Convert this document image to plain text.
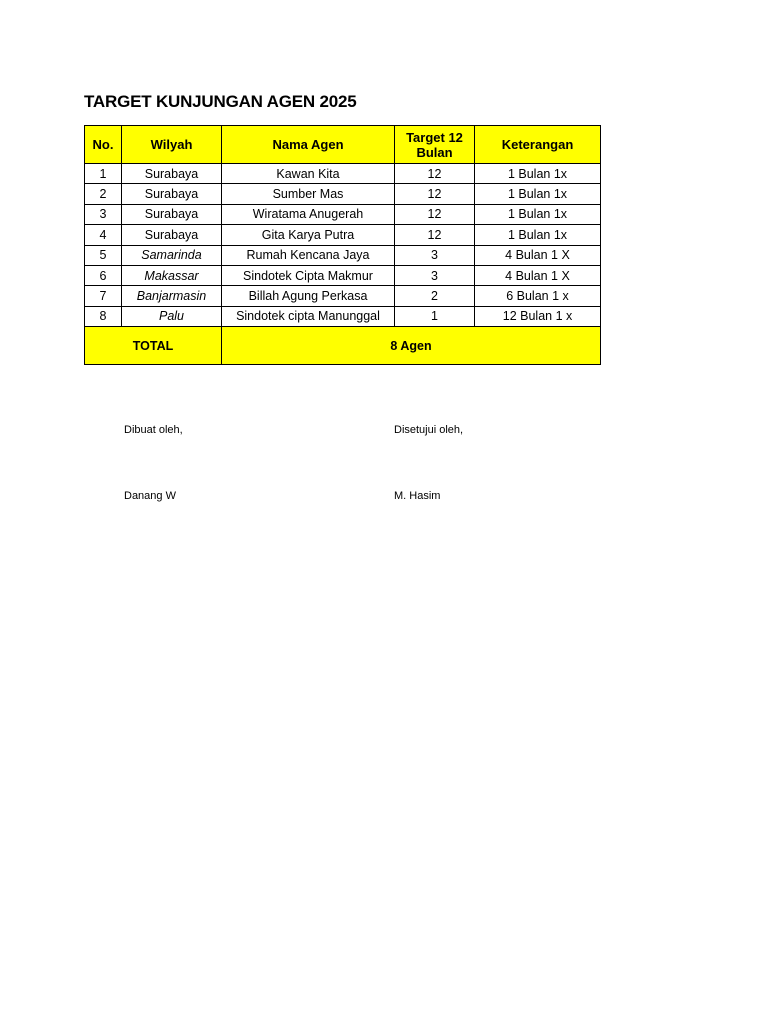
TARGET KUNJUNGAN AGEN 2025
No.	Wilyah	Nama Agen	Target 12 Bulan	Keterangan
1	Surabaya	Kawan Kita	12	1 Bulan 1x
2	Surabaya	Sumber Mas	12	1 Bulan 1x
3	Surabaya	Wiratama Anugerah	12	1 Bulan 1x
4	Surabaya	Gita Karya Putra	12	1 Bulan 1x
5	Samarinda	Rumah Kencana Jaya	3	4 Bulan 1 X
6	Makassar	Sindotek Cipta Makmur	3	4 Bulan 1 X
7	Banjarmasin	Billah Agung Perkasa	2	6 Bulan 1 x
8	Palu	Sindotek cipta Manunggal	1	12 Bulan 1 x
TOTAL		8 Agen		
Dibuat oleh,	Disetujui oleh,
Danang W	M. Hasim
